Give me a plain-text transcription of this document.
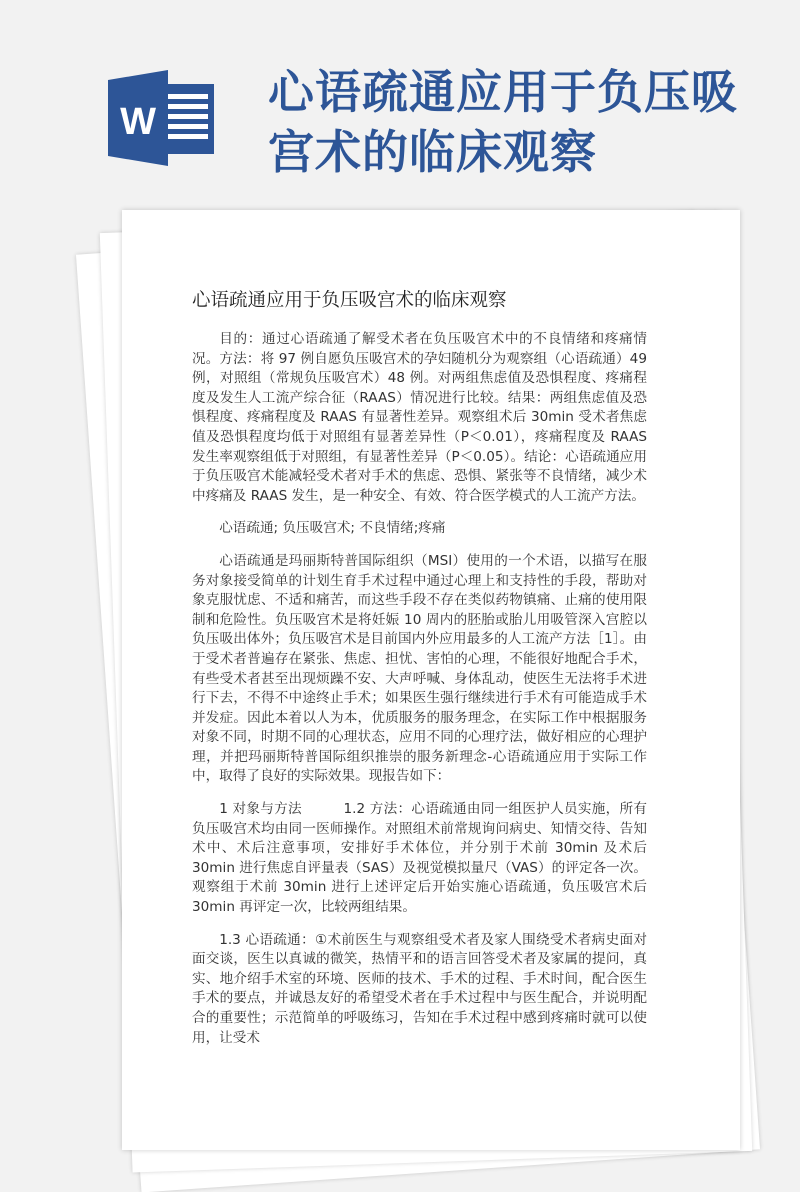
W
心语疏通应用于负压吸宫术的临床观察
心语疏通应用于负压吸宫术的临床观察

目的：通过心语疏通了解受术者在负压吸宫术中的不良情绪和疼痛情况。方法：将 97 例自愿负压吸宫术的孕妇随机分为观察组（心语疏通）49 例，对照组（常规负压吸宫术）48 例。对两组焦虑值及恐惧程度、疼痛程度及发生人工流产综合征（RAAS）情况进行比较。结果：两组焦虑值及恐惧程度、疼痛程度及 RAAS 有显著性差异。观察组术后 30min 受术者焦虑值及恐惧程度均低于对照组有显著差异性（P＜0.01），疼痛程度及 RAAS 发生率观察组低于对照组，有显著性差异（P＜0.05）。结论：心语疏通应用于负压吸宫术能减轻受术者对手术的焦虑、恐惧、紧张等不良情绪，减少术中疼痛及 RAAS 发生，是一种安全、有效、符合医学模式的人工流产方法。

心语疏通; 负压吸宫术; 不良情绪;疼痛

心语疏通是玛丽斯特普国际组织（MSI）使用的一个术语，以描写在服务对象接受简单的计划生育手术过程中通过心理上和支持性的手段，帮助对象克服忧虑、不适和痛苦，而这些手段不存在类似药物镇痛、止痛的使用限制和危险性。负压吸宫术是将妊娠 10 周内的胚胎或胎儿用吸管深入宫腔以负压吸出体外；负压吸宫术是目前国内外应用最多的人工流产方法［1］。由于受术者普遍存在紧张、焦虑、担忧、害怕的心理，不能很好地配合手术，有些受术者甚至出现烦躁不安、大声呼喊、身体乱动，使医生无法将手术进行下去，不得不中途终止手术；如果医生强行继续进行手术有可能造成手术并发症。因此本着以人为本，优质服务的服务理念，在实际工作中根据服务对象不同，时期不同的心理状态，应用不同的心理疗法，做好相应的心理护理，并把玛丽斯特普国际组织推崇的服务新理念-心语疏通应用于实际工作中，取得了良好的实际效果。现报告如下：

1 对象与方法　　　1.2 方法：心语疏通由同一组医护人员实施，所有负压吸宫术均由同一医师操作。对照组术前常规询问病史、知情交待、告知术中、术后注意事项，安排好手术体位，并分别于术前 30min 及术后 30min 进行焦虑自评量表（SAS）及视觉模拟量尺（VAS）的评定各一次。观察组于术前 30min 进行上述评定后开始实施心语疏通，负压吸宫术后 30min 再评定一次，比较两组结果。

1.3 心语疏通：①术前医生与观察组受术者及家人围绕受术者病史面对面交谈，医生以真诚的微笑，热情平和的语言回答受术者及家属的提问，真实、地介绍手术室的环境、医师的技术、手术的过程、手术时间，配合医生手术的要点，并诚恳友好的希望受术者在手术过程中与医生配合，并说明配合的重要性；示范简单的呼吸练习，告知在手术过程中感到疼痛时就可以使用，让受术
